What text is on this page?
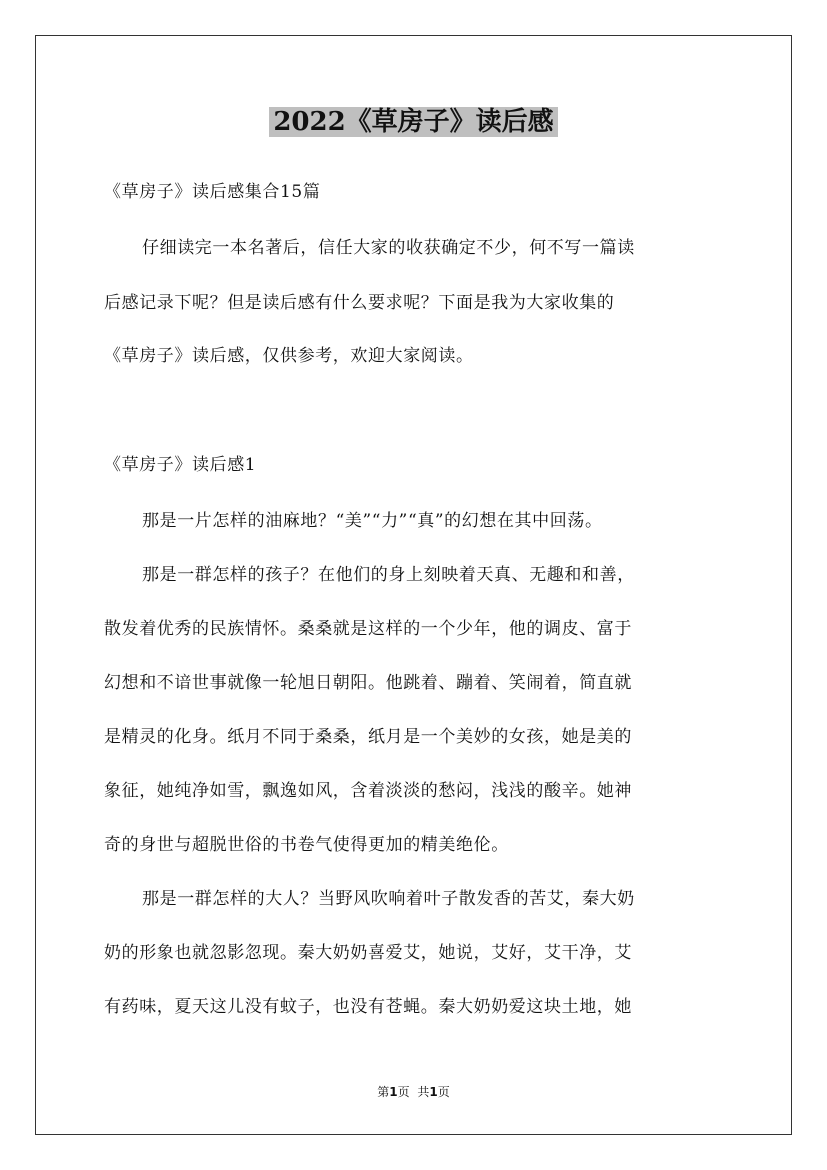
2022《草房子》读后感

《草房子》读后感集合15篇

仔细读完一本名著后，信任大家的收获确定不少，何不写一篇读

后感记录下呢？但是读后感有什么要求呢？下面是我为大家收集的

《草房子》读后感，仅供参考，欢迎大家阅读。

《草房子》读后感1

那是一片怎样的油麻地？“美”“力”“真”的幻想在其中回荡。

那是一群怎样的孩子？在他们的身上刻映着天真、无趣和和善，

散发着优秀的民族情怀。桑桑就是这样的一个少年，他的调皮、富于

幻想和不谙世事就像一轮旭日朝阳。他跳着、蹦着、笑闹着，简直就

是精灵的化身。纸月不同于桑桑，纸月是一个美妙的女孩，她是美的

象征，她纯净如雪，飘逸如风，含着淡淡的愁闷，浅浅的酸辛。她神

奇的身世与超脱世俗的书卷气使得更加的精美绝伦。

那是一群怎样的大人？当野风吹响着叶子散发香的苦艾，秦大奶

奶的形象也就忽影忽现。秦大奶奶喜爱艾，她说，艾好，艾干净，艾

有药味，夏天这儿没有蚊子，也没有苍蝇。秦大奶奶爱这块土地，她

第1页 共1页
